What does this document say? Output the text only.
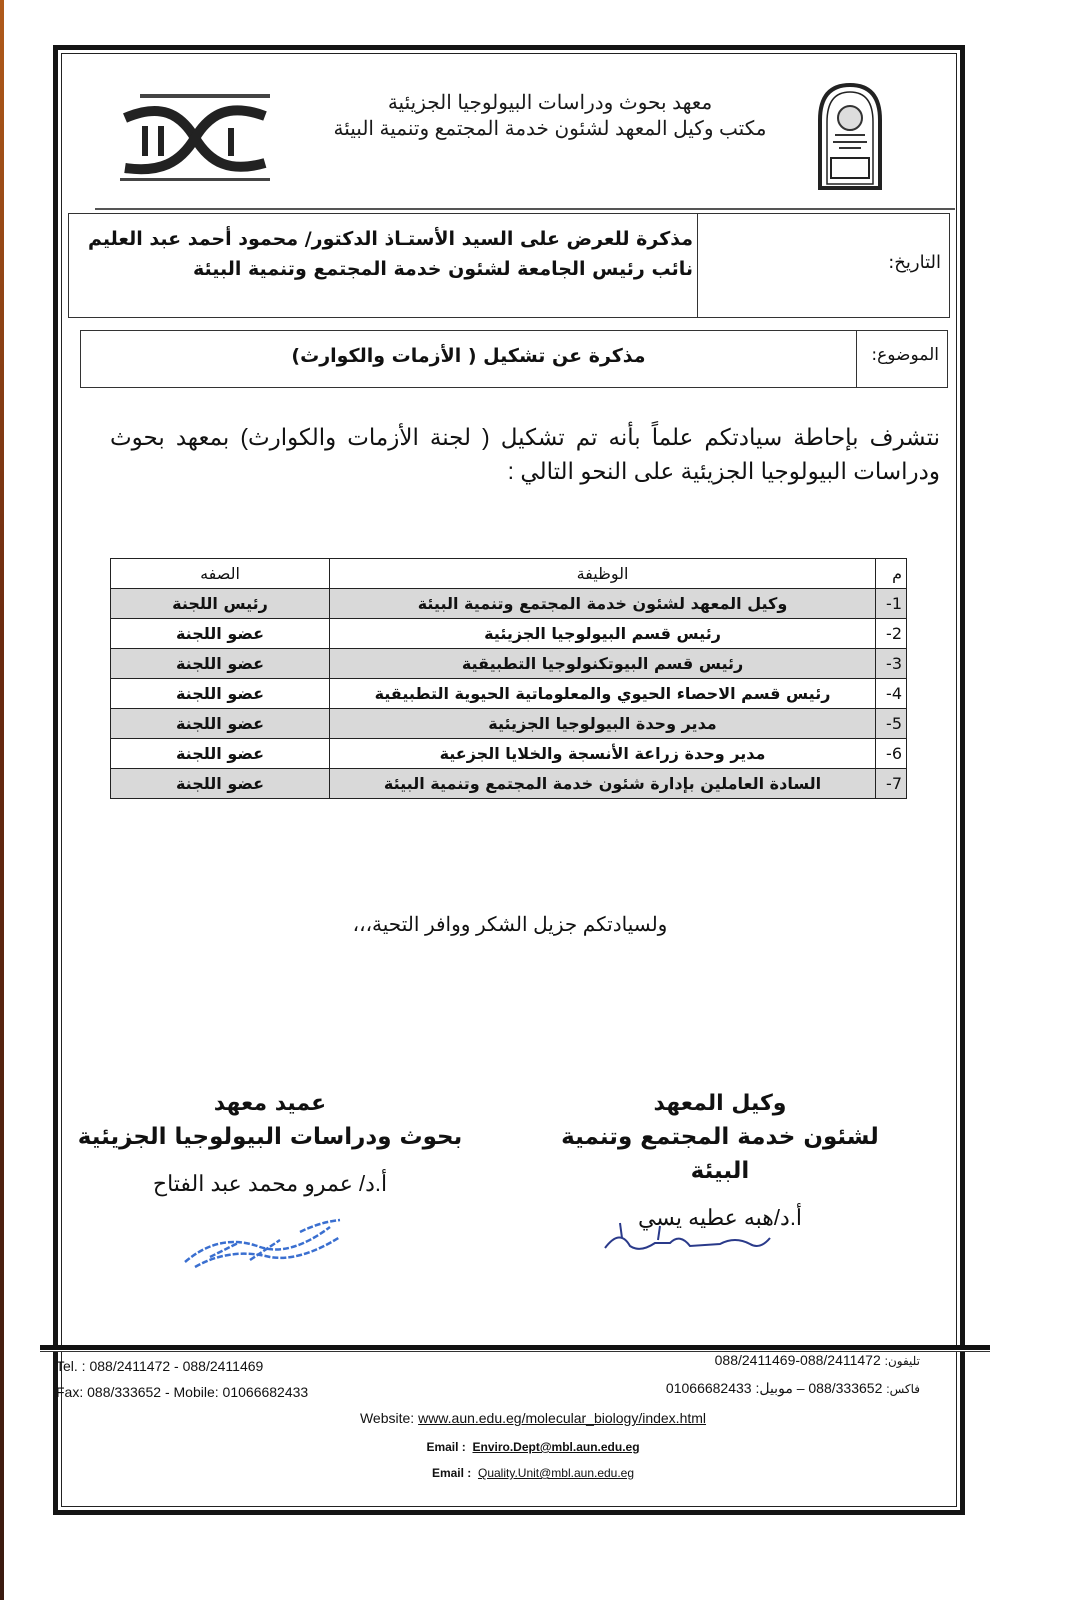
معهد بحوث ودراسات البيولوجيا الجزيئية
مكتب وكيل المعهد لشئون خدمة المجتمع وتنمية البيئة
التاريخ:
مذكرة للعرض على السيد الأستـاذ الدكتور/ محمود أحمد عبد العليم
نائب رئيس الجامعة لشئون خدمة المجتمع وتنمية البيئة
الموضوع:
مذكرة عن تشكيل ( الأزمات والكوارث)
نتشرف بإحاطة سيادتكم علماً بأنه تم تشكيل ( لجنة الأزمات والكوارث) بمعهد بحوث ودراسات البيولوجيا الجزيئية على النحو التالي :
م	الوظيفة	الصفه
1-	وكيل المعهد لشئون خدمة المجتمع وتنمية البيئة	رئيس اللجنة
2-	رئيس قسم البيولوجيا الجزيئية	عضو اللجنة
3-	رئيس قسم البيوتكنولوجيا التطبيقية	عضو اللجنة
4-	رئيس قسم الاحصاء الحيوي والمعلوماتية الحيوية التطبيقية	عضو اللجنة
5-	مدير وحدة البيولوجيا الجزيئية	عضو اللجنة
6-	مدير وحدة زراعة الأنسجة والخلايا الجزعية	عضو اللجنة
7-	السادة العاملين بإدارة شئون خدمة المجتمع وتنمية البيئة	عضو اللجنة
ولسيادتكم جزيل الشكر ووافر التحية،،،
وكيل المعهد
لشئون خدمة المجتمع وتنمية البيئة
أ.د/هبه عطيه يسي
عميد معهد
بحوث ودراسات البيولوجيا الجزيئية
أ.د/ عمرو محمد عبد الفتاح
Tel. : 088/2411472 - 088/2411469
Fax: 088/333652 - Mobile: 01066682433
تليفون: 088/2411472-088/2411469
فاكس: 088/333652 – موبيل: 01066682433
Website: www.aun.edu.eg/molecular_biology/index.html
Email : Enviro.Dept@mbl.aun.edu.eg
Email : Quality.Unit@mbl.aun.edu.eg
